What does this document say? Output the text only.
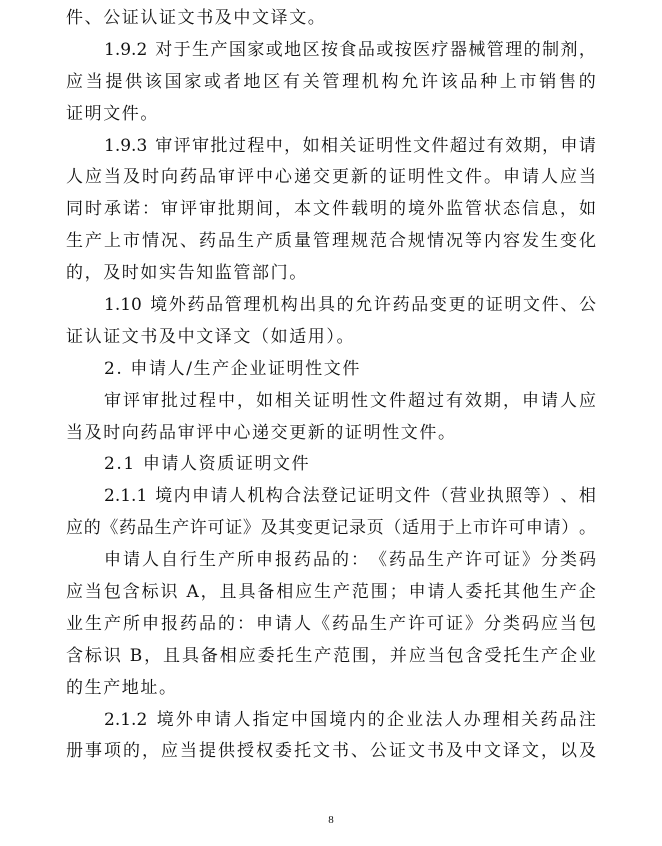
件、公证认证文书及中文译文。
1.9.2 对 于 生 产 国 家 或 地 区 按 食 品 或 按 医 疗 器 械 管 理 的 制 剂 ，
应 当 提 供 该 国 家 或 者 地 区 有 关 管 理 机 构 允 许 该 品 种 上 市 销 售 的
证明文件。
1.9.3 审 评 审 批 过 程 中 ， 如 相 关 证 明 性 文 件 超 过 有 效 期 ， 申 请
人 应 当 及 时 向 药 品 审 评 中 心 递 交 更 新 的 证 明 性 文 件 。 申 请 人 应 当
同 时 承 诺 ： 审 评 审 批 期 间 ， 本 文 件 载 明 的 境 外 监 管 状 态 信 息 ， 如
生 产 上 市 情 况 、 药 品 生 产 质 量 管 理 规 范 合 规 情 况 等 内 容 发 生 变 化
的，及时如实告知监管部门。
1.10 境 外 药 品 管 理 机 构 出 具 的 允 许 药 品 变 更 的 证 明 文 件 、 公
证认证文书及中文译文（如适用）。
2. 申请人/生产企业证明性文件
审 评 审 批 过 程 中 ， 如 相 关 证 明 性 文 件 超 过 有 效 期 ， 申 请 人 应
当及时向药品审评中心递交更新的证明性文件。
2.1 申请人资质证明文件
2.1.1 境 内 申 请 人 机 构 合 法 登 记 证 明 文 件 （ 营 业 执 照 等 ） 、 相
应 的 《 药 品 生 产 许 可 证 》 及 其 变 更 记 录 页 （ 适 用 于 上 市 许 可 申 请 ） 。
申 请 人 自 行 生 产 所 申 报 药 品 的 ： 《 药 品 生 产 许 可 证 》 分 类 码
应 当 包 含 标 识 A ， 且 具 备 相 应 生 产 范 围 ； 申 请 人 委 托 其 他 生 产 企
业 生 产 所 申 报 药 品 的 ： 申 请 人 《 药 品 生 产 许 可 证 》 分 类 码 应 当 包
含 标 识 B ， 且 具 备 相 应 委 托 生 产 范 围 ， 并 应 当 包 含 受 托 生 产 企 业
的生产地址。
2.1.2 境 外 申 请 人 指 定 中 国 境 内 的 企 业 法 人 办 理 相 关 药 品 注
册 事 项 的 ， 应 当 提 供 授 权 委 托 文 书 、 公 证 文 书 及 中 文 译 文 ， 以 及
8
